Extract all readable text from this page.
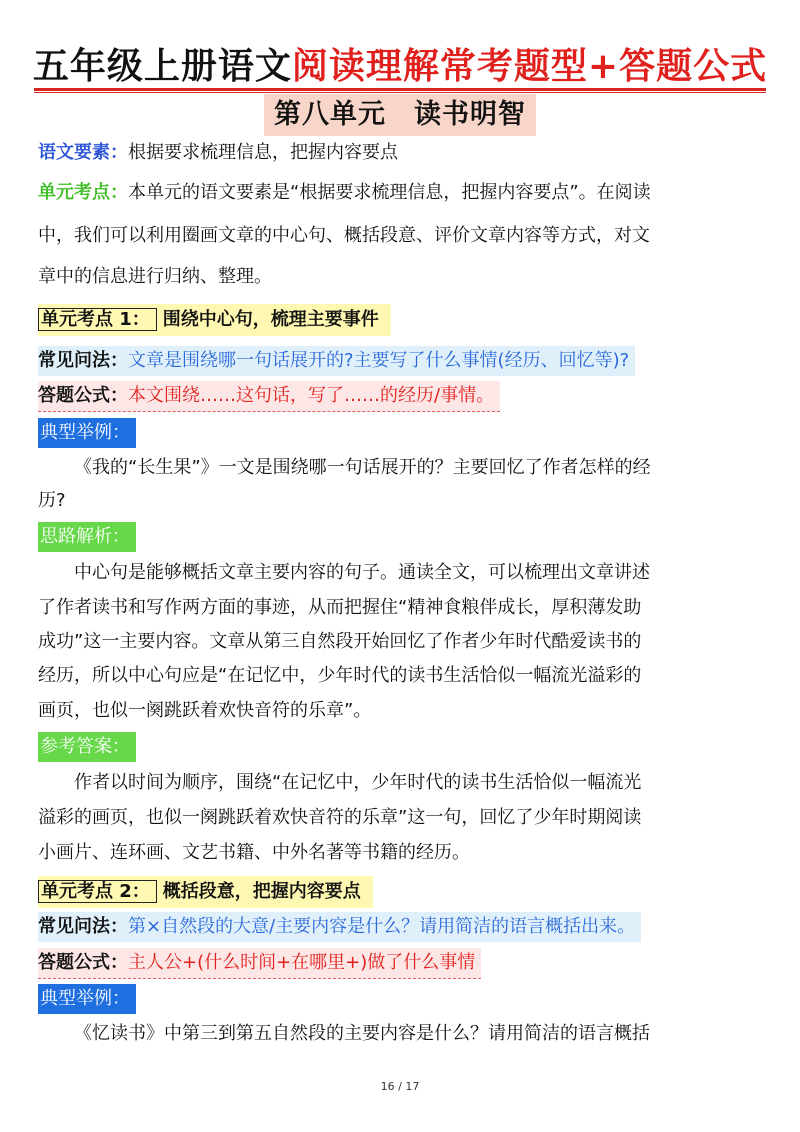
五年级上册语文阅读理解常考题型+答题公式
第八单元　读书明智
语文要素：根据要求梳理信息，把握内容要点
单元考点：本单元的语文要素是“根据要求梳理信息，把握内容要点”。在阅读
中，我们可以利用圈画文章的中心句、概括段意、评价文章内容等方式，对文
章中的信息进行归纳、整理。
单元考点 1： 围绕中心句，梳理主要事件
常见问法：文章是围绕哪一句话展开的?主要写了什么事情(经历、回忆等)?
答题公式：本文围绕……这句话，写了……的经历/事情。
典型举例：
《我的“长生果”》一文是围绕哪一句话展开的？主要回忆了作者怎样的经
历?
思路解析：
中心句是能够概括文章主要内容的句子。通读全文，可以梳理出文章讲述
了作者读书和写作两方面的事迹，从而把握住“精神食粮伴成长，厚积薄发助
成功”这一主要内容。文章从第三自然段开始回忆了作者少年时代酷爱读书的
经历，所以中心句应是“在记忆中，少年时代的读书生活恰似一幅流光溢彩的
画页，也似一阕跳跃着欢快音符的乐章”。
参考答案：
作者以时间为顺序，围绕“在记忆中，少年时代的读书生活恰似一幅流光
溢彩的画页，也似一阕跳跃着欢快音符的乐章”这一句，回忆了少年时期阅读
小画片、连环画、文艺书籍、中外名著等书籍的经历。
单元考点 2： 概括段意，把握内容要点
常见问法：第×自然段的大意/主要内容是什么？请用简洁的语言概括出来。
答题公式：主人公+(什么时间+在哪里+)做了什么事情
典型举例：
《忆读书》中第三到第五自然段的主要内容是什么？请用简洁的语言概括
16 / 17
